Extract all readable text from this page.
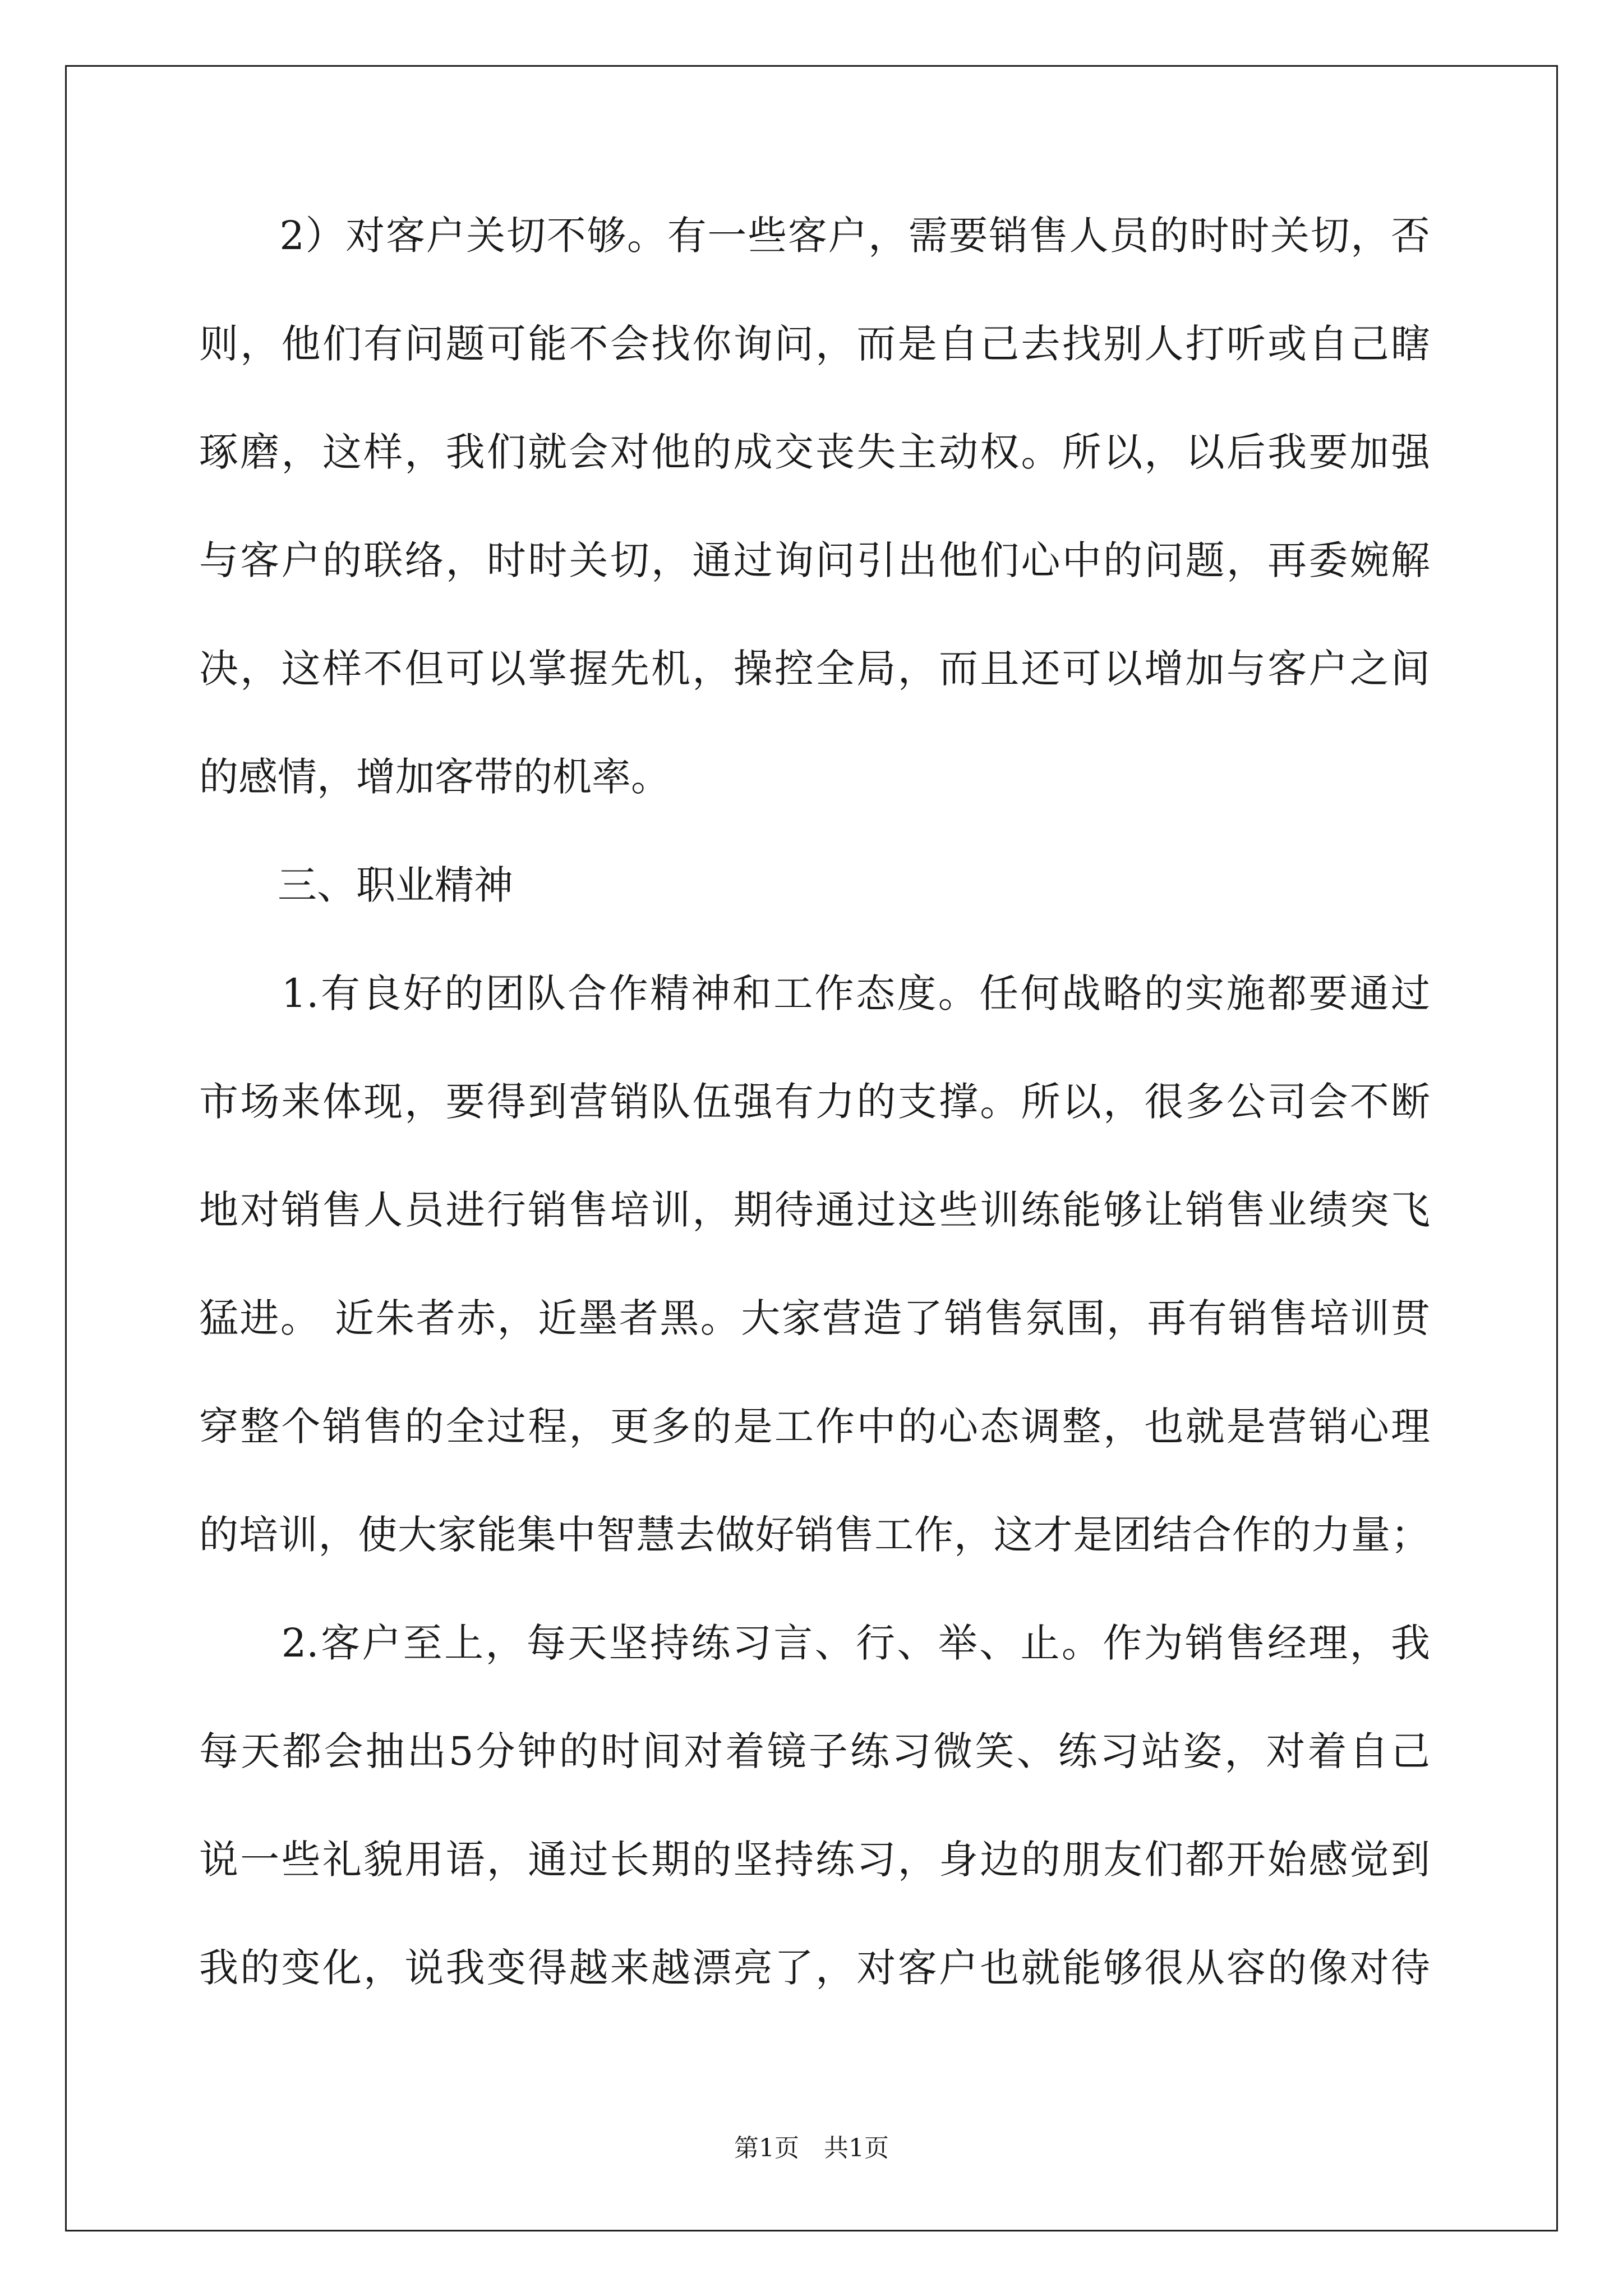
　　2）对客户关切不够。有一些客户，需要销售人员的时时关切，否
则，他们有问题可能不会找你询问，而是自己去找别人打听或自己瞎
琢磨，这样，我们就会对他的成交丧失主动权。所以，以后我要加强
与客户的联络，时时关切，通过询问引出他们心中的问题，再委婉解
决，这样不但可以掌握先机，操控全局，而且还可以增加与客户之间
的感情，增加客带的机率。
　　三、职业精神
　　1.有良好的团队合作精神和工作态度。任何战略的实施都要通过
市场来体现，要得到营销队伍强有力的支撑。所以，很多公司会不断
地对销售人员进行销售培训，期待通过这些训练能够让销售业绩突飞
猛进。 近朱者赤，近墨者黑。大家营造了销售氛围，再有销售培训贯
穿整个销售的全过程，更多的是工作中的心态调整，也就是营销心理
的培训，使大家能集中智慧去做好销售工作，这才是团结合作的力量；
　　2.客户至上，每天坚持练习言、行、举、止。作为销售经理，我
每天都会抽出5分钟的时间对着镜子练习微笑、练习站姿，对着自己
说一些礼貌用语，通过长期的坚持练习，身边的朋友们都开始感觉到
我的变化，说我变得越来越漂亮了，对客户也就能够很从容的像对待
第1页　共1页
